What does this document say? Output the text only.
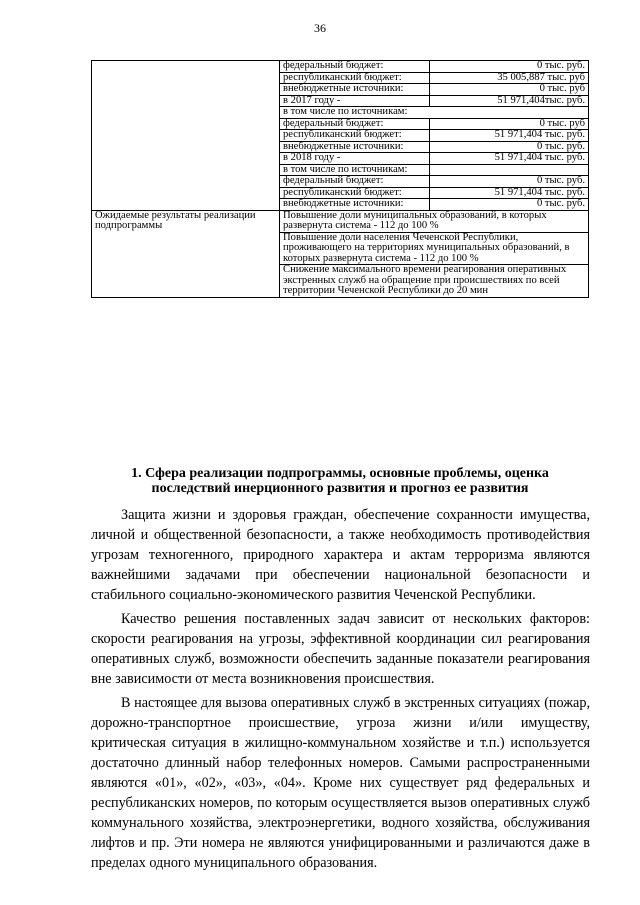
36
	федеральный бюджет:	0 тыс. руб.
	республиканский бюджет:	35 005,887 тыс. руб
	внебюджетные источники:	0 тыс. руб
	в 2017 году -	51 971,404тыс. руб.
	в том числе по источникам:	
	федеральный бюджет:	0 тыс. руб
	республиканский бюджет:	51 971,404 тыс. руб.
	внебюджетные источники:	0 тыс. руб.
	в 2018 году -	51 971,404 тыс. руб.
	в том числе по источникам:	
	федеральный бюджет:	0 тыс. руб.
	республиканский бюджет:	51 971,404 тыс. руб.
	внебюджетные источники:	0 тыс. руб.
Ожидаемые результаты реализации подпрограммы	Повышение доли муниципальных образований, в которых развернута система - 112 до 100 %	
	Повышение доли населения Чеченской Республики, проживающего на территориях муниципальных образований, в которых развернута система - 112 до 100 %	
	Снижение максимального времени реагирования оперативных экстренных служб на обращение при происшествиях по всей территории Чеченской Республики до 20 мин	
1. Сфера реализации подпрограммы, основные проблемы, оценка последствий инерционного развития и прогноз ее развития

Защита жизни и здоровья граждан, обеспечение сохранности имущества, личной и общественной безопасности, а также необходимость противодействия угрозам техногенного, природного характера и актам терроризма являются важнейшими задачами при обеспечении национальной безопасности и стабильного социально-экономического развития Чеченской Республики.

Качество решения поставленных задач зависит от нескольких факторов: скорости реагирования на угрозы, эффективной координации сил реагирования оперативных служб, возможности обеспечить заданные показатели реагирования вне зависимости от места возникновения происшествия.

В настоящее для вызова оперативных служб в экстренных ситуациях (пожар, дорожно-транспортное происшествие, угроза жизни и/или имуществу, критическая ситуация в жилищно-коммунальном хозяйстве и т.п.) используется достаточно длинный набор телефонных номеров. Самыми распространенными являются «01», «02», «03», «04». Кроме них существует ряд федеральных и республиканских номеров, по которым осуществляется вызов оперативных служб коммунального хозяйства, электроэнергетики, водного хозяйства, обслуживания лифтов и пр. Эти номера не являются унифицированными и различаются даже в пределах одного муниципального образования.
